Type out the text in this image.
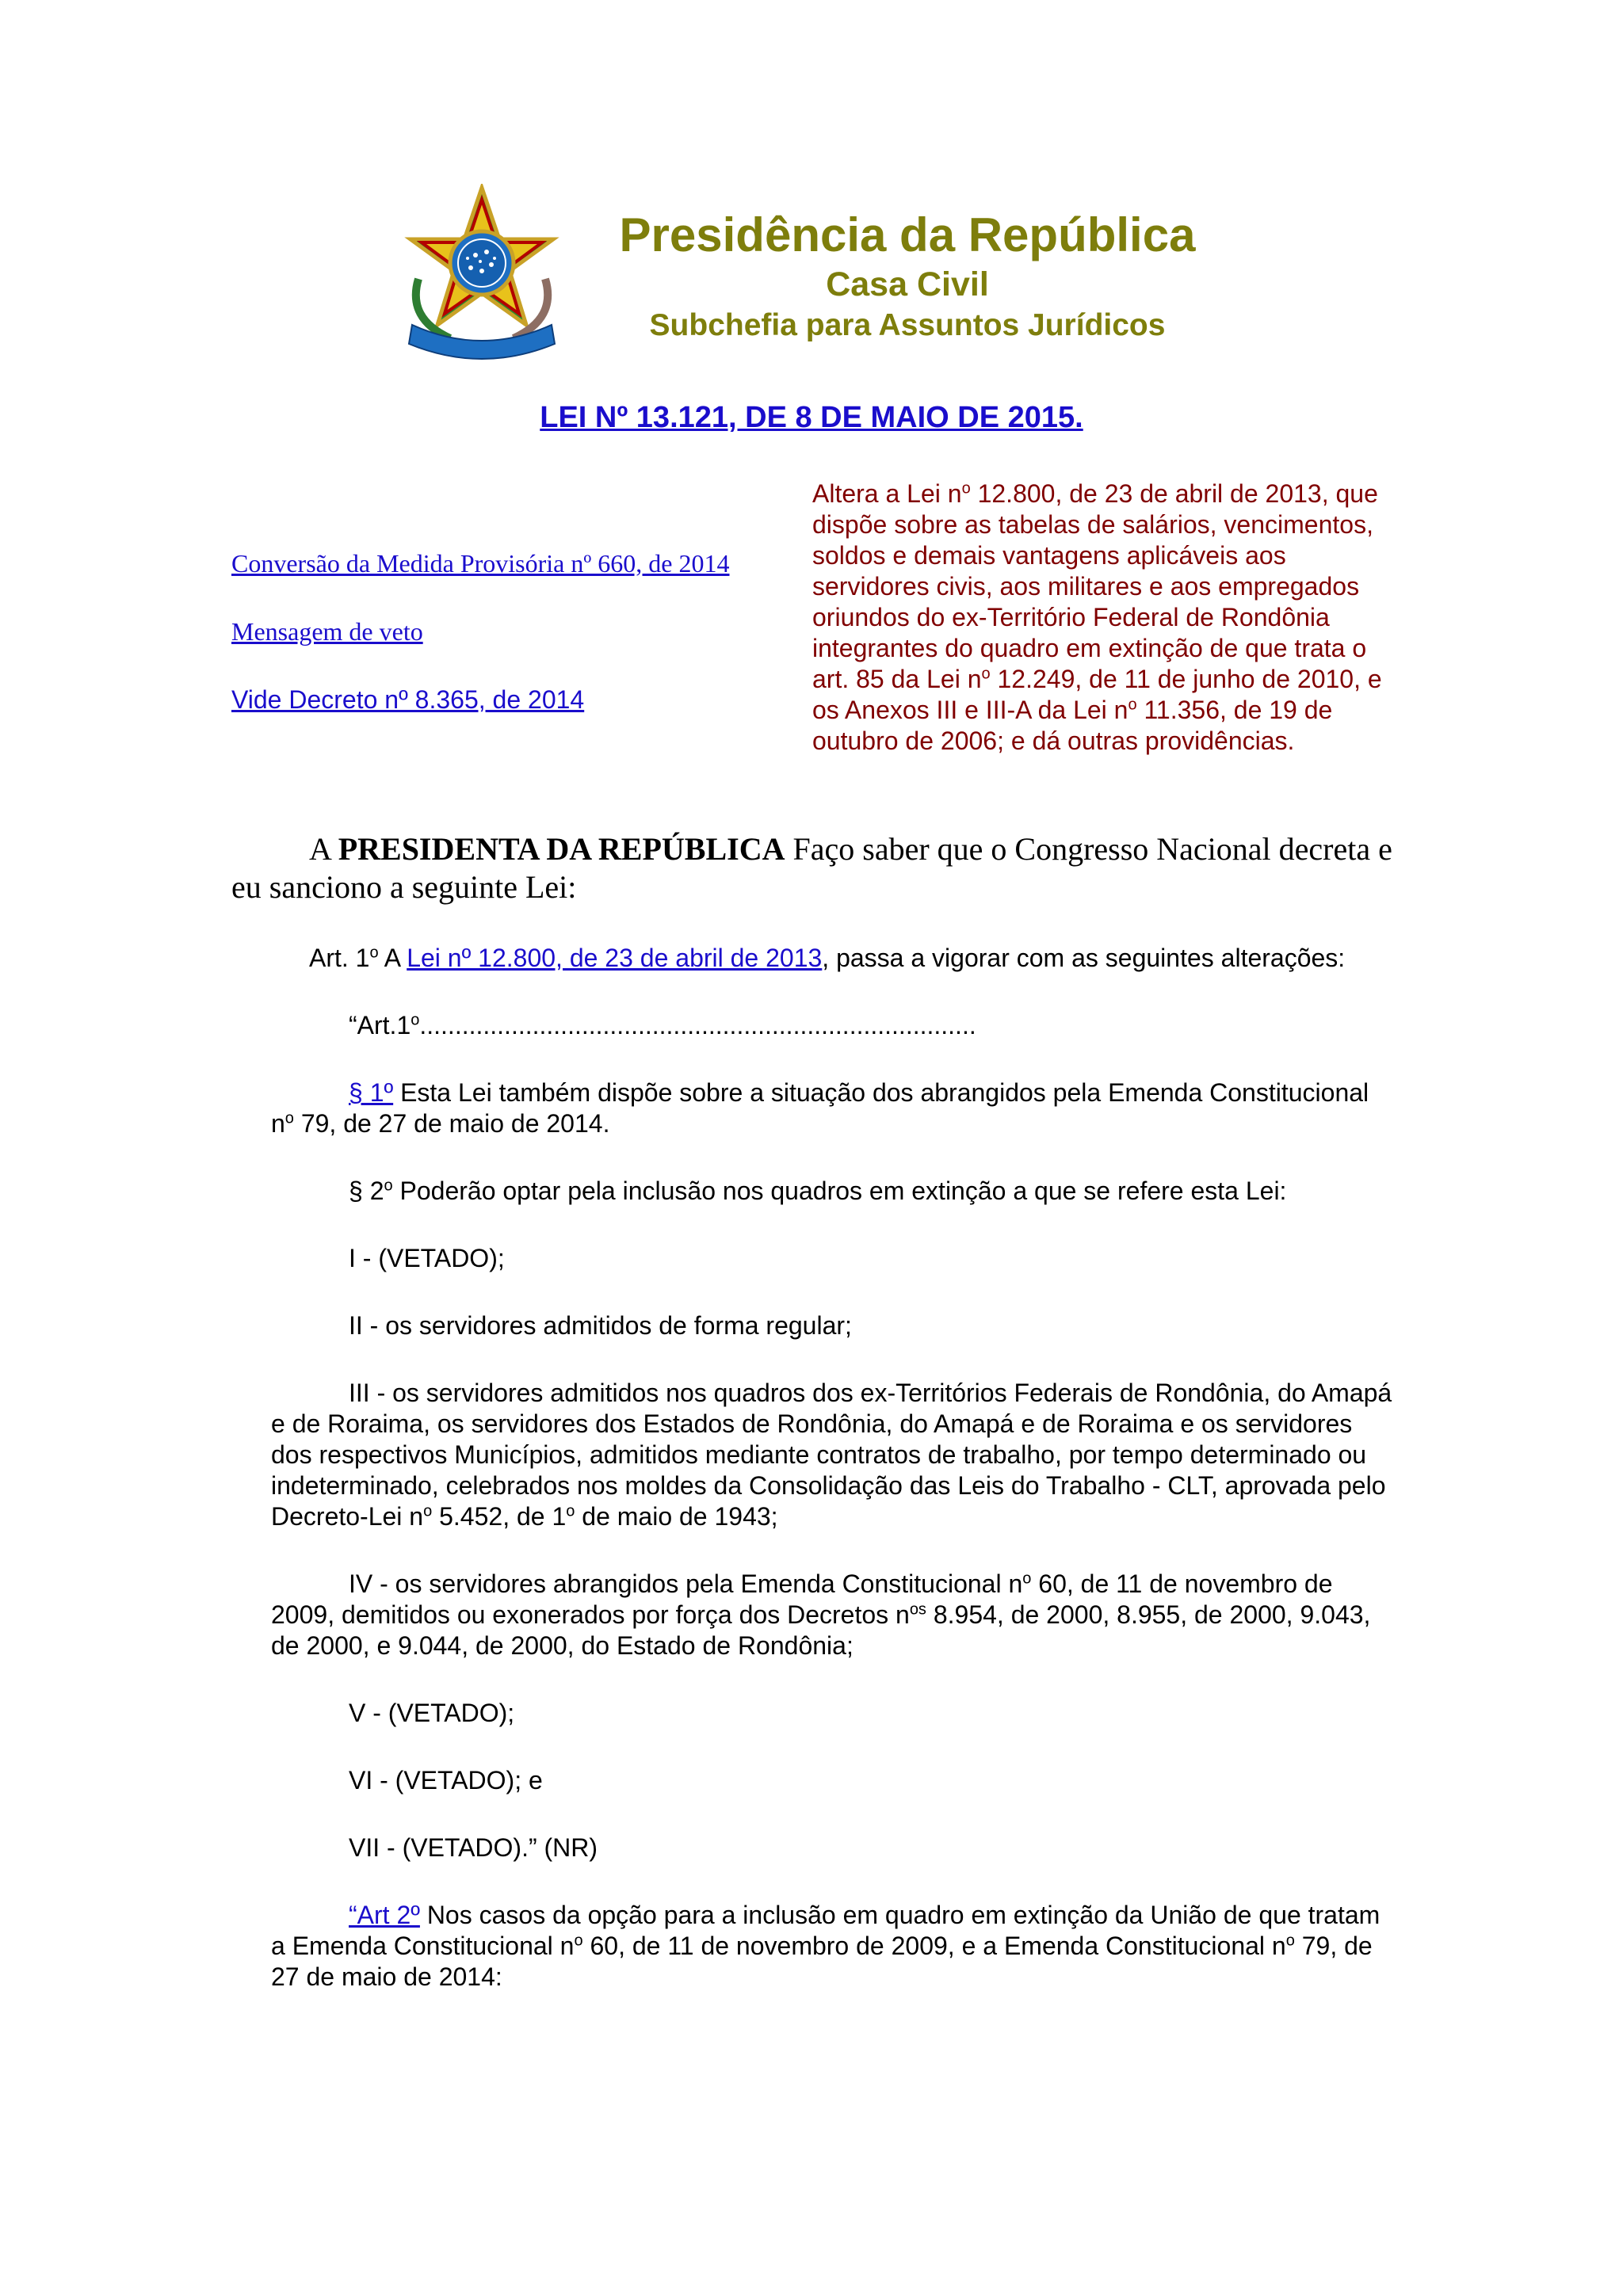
Presidência da República
Casa Civil
Subchefia para Assuntos Jurídicos
LEI Nº 13.121, DE 8 DE MAIO DE 2015.
Conversão da Medida Provisória nº 660, de 2014
Mensagem de veto
Vide Decreto nº 8.365, de 2014
Altera a Lei $n^o$ 12.800, de 23 de abril de 2013, que dispõe sobre as tabelas de salários, vencimentos, soldos e demais vantagens aplicáveis aos servidores civis, aos militares e aos empregados oriundos do ex-Território Federal de Rondônia integrantes do quadro em extinção de que trata o art. 85 da Lei $n^o$ 12.249, de 11 de junho de 2010, e os Anexos III e III-A da Lei $n^o$ 11.356, de 19 de outubro de 2006; e dá outras providências.
A PRESIDENTA DA REPÚBLICA Faço saber que o Congresso Nacional decreta e eu sanciono a seguinte Lei:

Art. 1$^o$ A Lei nº 12.800, de 23 de abril de 2013, passa a vigorar com as seguintes alterações:

“Art.1$^o$...............................................................................

§ 1º Esta Lei também dispõe sobre a situação dos abrangidos pela Emenda Constitucional $n^o$ 79, de 27 de maio de 2014.

§ 2$^o$ Poderão optar pela inclusão nos quadros em extinção a que se refere esta Lei:

I - (VETADO);

II - os servidores admitidos de forma regular;

III - os servidores admitidos nos quadros dos ex-Territórios Federais de Rondônia, do Amapá e de Roraima, os servidores dos Estados de Rondônia, do Amapá e de Roraima e os servidores dos respectivos Municípios, admitidos mediante contratos de trabalho, por tempo determinado ou indeterminado, celebrados nos moldes da Consolidação das Leis do Trabalho - CLT, aprovada pelo Decreto-Lei $n^o$ 5.452, de 1$^o$ de maio de 1943;

IV - os servidores abrangidos pela Emenda Constitucional $n^o$ 60, de 11 de novembro de 2009, demitidos ou exonerados por força dos Decretos $n^{os}$ 8.954, de 2000, 8.955, de 2000, 9.043, de 2000, e 9.044, de 2000, do Estado de Rondônia;

V - (VETADO);

VI - (VETADO); e

VII - (VETADO).” (NR)

“Art 2º Nos casos da opção para a inclusão em quadro em extinção da União de que tratam a Emenda Constitucional $n^o$ 60, de 11 de novembro de 2009, e a Emenda Constitucional $n^o$ 79, de 27 de maio de 2014:
